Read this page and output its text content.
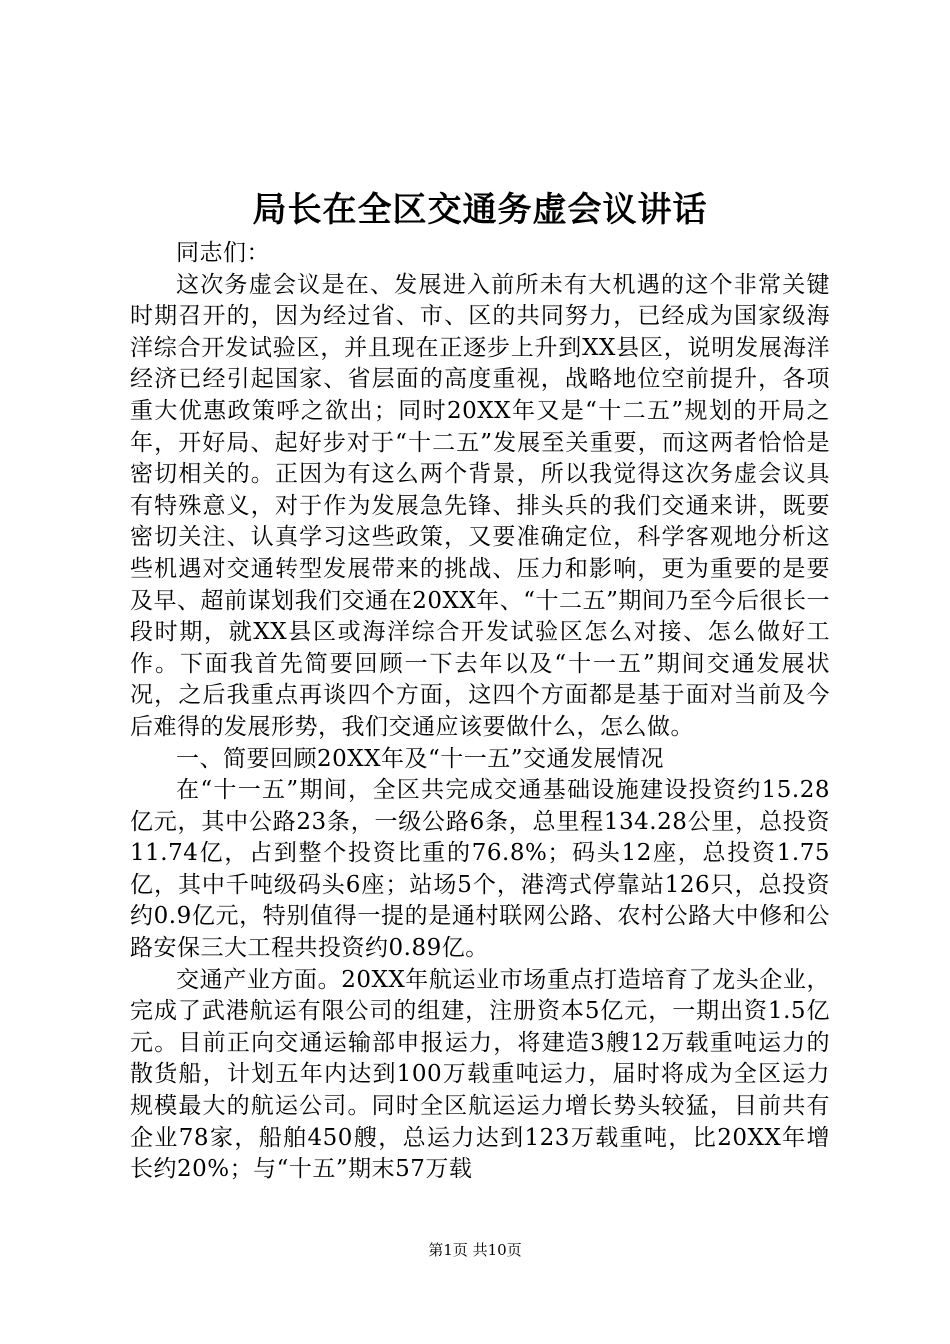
局长在全区交通务虚会议讲话

同志们：

这次务虚会议是在、发展进入前所未有大机遇的这个非常关键时期召开的，因为经过省、市、区的共同努力，已经成为国家级海洋综合开发试验区，并且现在正逐步上升到XX县区，说明发展海洋经济已经引起国家、省层面的高度重视，战略地位空前提升，各项重大优惠政策呼之欲出；同时20XX年又是“十二五”规划的开局之年，开好局、起好步对于“十二五”发展至关重要，而这两者恰恰是密切相关的。正因为有这么两个背景，所以我觉得这次务虚会议具有特殊意义，对于作为发展急先锋、排头兵的我们交通来讲，既要密切关注、认真学习这些政策，又要准确定位，科学客观地分析这些机遇对交通转型发展带来的挑战、压力和影响，更为重要的是要及早、超前谋划我们交通在20XX年、“十二五”期间乃至今后很长一段时期，就XX县区或海洋综合开发试验区怎么对接、怎么做好工作。下面我首先简要回顾一下去年以及“十一五”期间交通发展状况，之后我重点再谈四个方面，这四个方面都是基于面对当前及今后难得的发展形势，我们交通应该要做什么，怎么做。

一、简要回顾20XX年及“十一五”交通发展情况

在“十一五”期间，全区共完成交通基础设施建设投资约15.28亿元，其中公路23条，一级公路6条，总里程134.28公里，总投资11.74亿，占到整个投资比重的76.8%；码头12座，总投资1.75亿，其中千吨级码头6座；站场5个，港湾式停靠站126只，总投资约0.9亿元，特别值得一提的是通村联网公路、农村公路大中修和公路安保三大工程共投资约0.89亿。

交通产业方面。20XX年航运业市场重点打造培育了龙头企业，完成了武港航运有限公司的组建，注册资本5亿元，一期出资1.5亿元。目前正向交通运输部申报运力，将建造3艘12万载重吨运力的散货船，计划五年内达到100万载重吨运力，届时将成为全区运力规模最大的航运公司。同时全区航运运力增长势头较猛，目前共有企业78家，船舶450艘，总运力达到123万载重吨，比20XX年增长约20%；与“十五”期末57万载

第1页 共10页
